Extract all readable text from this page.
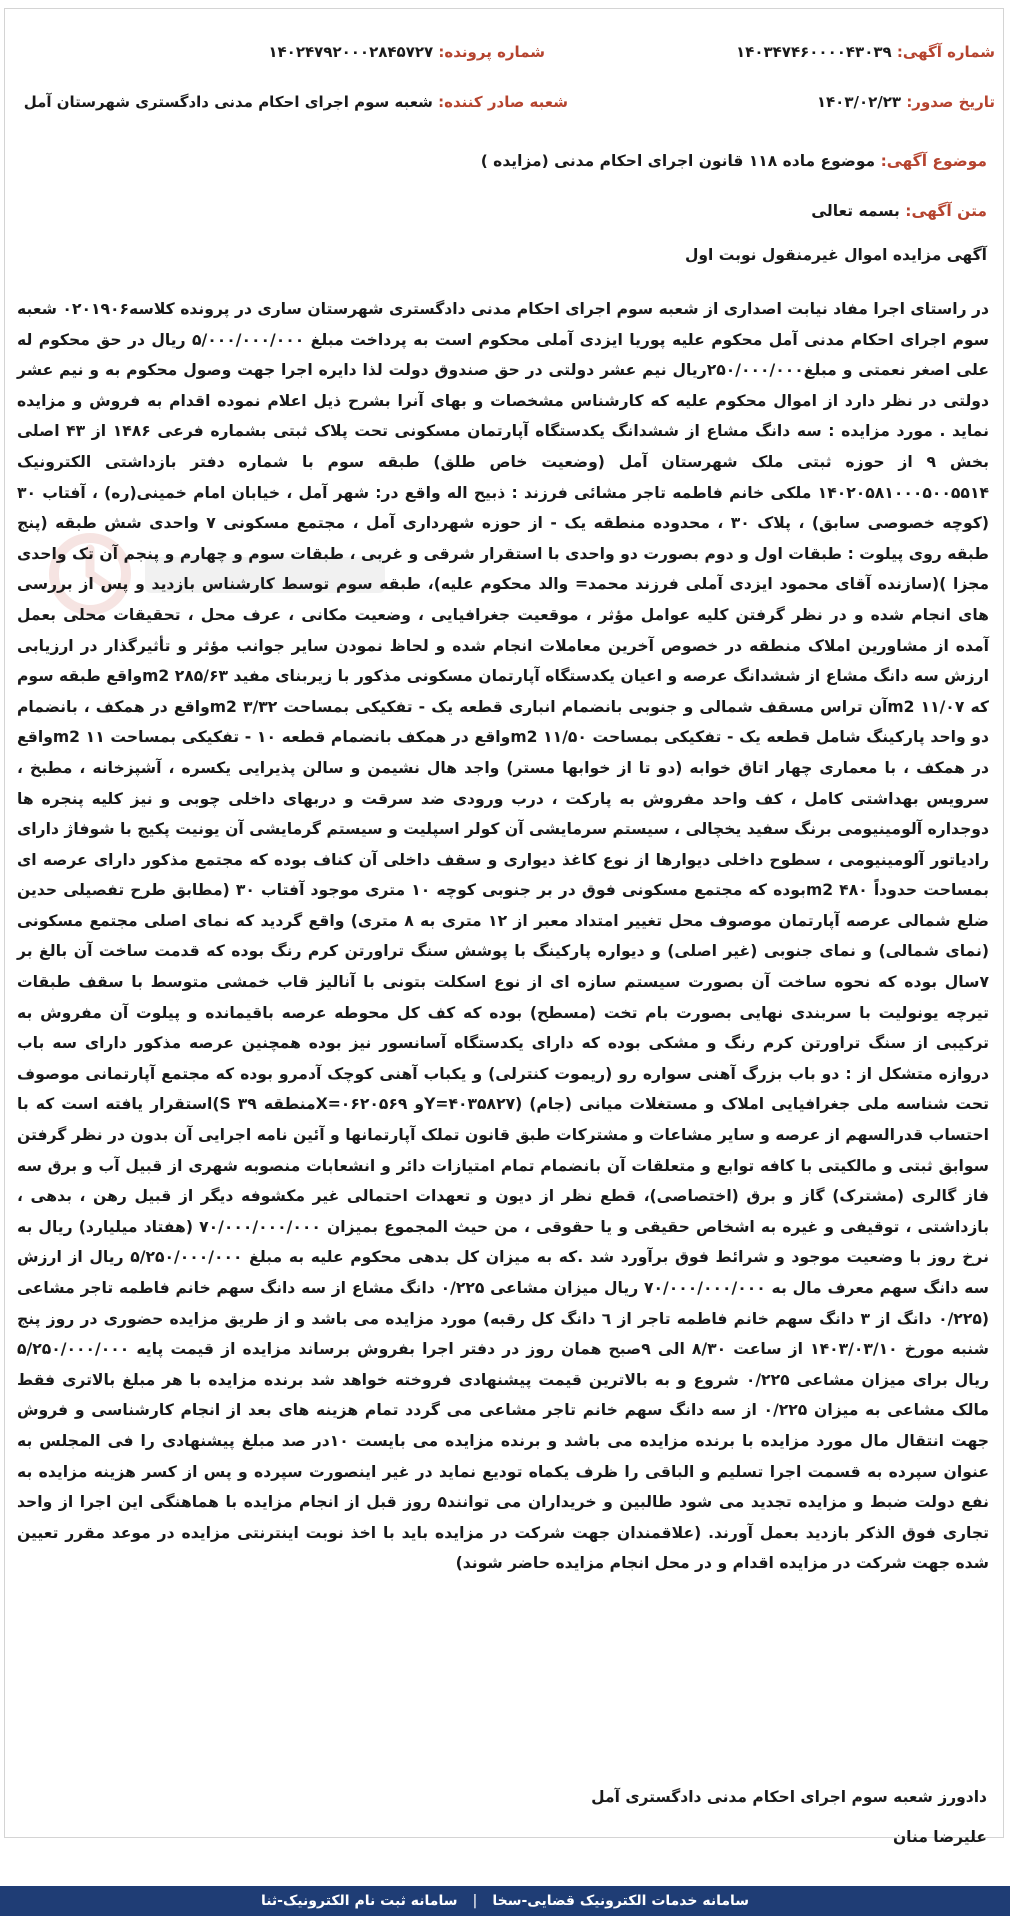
شماره آگهی: ۱۴۰۳۴۷۴۶۰۰۰۰۴۳۰۳۹
شماره پرونده: ۱۴۰۲۴۷۹۲۰۰۰۲۸۴۵۷۲۷
تاریخ صدور: ۱۴۰۳/۰۲/۲۳
شعبه صادر کننده: شعبه سوم اجرای احکام مدنی دادگستری شهرستان آمل
موضوع آگهی: موضوع ماده ۱۱۸ قانون اجرای احکام مدنی (مزایده )
متن آگهی: بسمه تعالی
آگهی مزایده اموال غیرمنقول نوبت اول
در راستای اجرا مفاد نیابت اصداری از شعبه سوم اجرای احکام مدنی دادگستری شهرستان ساری در پرونده کلاسه۰۲۰۱۹۰۶ شعبه سوم اجرای احکام مدنی آمل محکوم علیه پوریا ایزدی آملی محکوم است به پرداخت مبلغ ۵/۰۰۰/۰۰۰/۰۰۰ ریال در حق محکوم له علی اصغر نعمتی و مبلغ۲۵۰/۰۰۰/۰۰۰ریال نیم عشر دولتی در حق صندوق دولت لذا دایره اجرا جهت وصول محکوم به و نیم عشر دولتی در نظر دارد از اموال محکوم علیه که کارشناس مشخصات و بهای آنرا بشرح ذیل اعلام نموده اقدام به فروش و مزایده نماید . مورد مزایده : سه دانگ مشاع از ششدانگ یکدستگاه آپارتمان مسکونی تحت پلاک ثبتی بشماره فرعی ۱۴۸۶ از ۴۳ اصلی بخش ۹ از حوزه ثبتی ملک شهرستان آمل (وضعیت خاص طلق) طبقه سوم با شماره دفتر بازداشتی الکترونیک ۱۴۰۲۰۵۸۱۰۰۰۵۰۰۵۵۱۴ ملکی خانم فاطمه تاجر مشائی فرزند : ذبیح اله واقع در: شهر آمل ، خیابان امام خمینی(ره) ، آفتاب ۳۰ (کوچه خصوصی سابق) ، پلاک ۳۰ ، محدوده منطقه یک - از حوزه شهرداری آمل ، مجتمع مسکونی ۷ واحدی شش طبقه (پنج طبقه روی پیلوت : طبقات اول و دوم بصورت دو واحدی با استقرار شرقی و غربی ، طبقات سوم و چهارم و پنجم آن تک واحدی مجزا )(سازنده آقای محمود ایزدی آملی فرزند محمد= والد محکوم علیه)، طبقه سوم توسط کارشناس بازدید و پس از بررسی های انجام شده و در نظر گرفتن کلیه عوامل مؤثر ، موقعیت جغرافیایی ، وضعیت مکانی ، عرف محل ، تحقیقات محلی بعمل آمده از مشاورین املاک منطقه در خصوص آخرین معاملات انجام شده و لحاظ نمودن سایر جوانب مؤثر و تأثیرگذار در ارزیابی ارزش سه دانگ مشاع از ششدانگ عرصه و اعیان یکدستگاه آپارتمان مسکونی مذکور با زیربنای مفید ۲۸۵/۶۳ m2واقع طبقه سوم که ۱۱/۰۷ m2آن تراس مسقف شمالی و جنوبی بانضمام انباری قطعه یک - تفکیکی بمساحت ۳/۳۲ m2واقع در همکف ، بانضمام دو واحد پارکینگ شامل قطعه یک - تفکیکی بمساحت ۱۱/۵۰ m2واقع در همکف بانضمام قطعه ۱۰ - تفکیکی بمساحت ۱۱ m2واقع در همکف ، با معماری چهار اتاق خوابه (دو تا از خوابها مستر) واجد هال نشیمن و سالن پذیرایی یکسره ، آشپزخانه ، مطبخ ، سرویس بهداشتی کامل ، کف واحد مفروش به پارکت ، درب ورودی ضد سرقت و دربهای داخلی چوبی و نیز کلیه پنجره ها دوجداره آلومینیومی برنگ سفید یخچالی ، سیستم سرمایشی آن کولر اسپلیت و سیستم گرمایشی آن یونیت پکیج با شوفاژ دارای رادیاتور آلومینیومی ، سطوح داخلی دیوارها از نوع کاغذ دیواری و سقف داخلی آن کناف بوده که مجتمع مذکور دارای عرصه ای بمساحت حدوداً ۴۸۰ m2بوده که مجتمع مسکونی فوق در بر جنوبی کوچه ۱۰ متری موجود آفتاب ۳۰ (مطابق طرح تفصیلی حدین ضلع شمالی عرصه آپارتمان موصوف محل تغییر امتداد معبر از ۱۲ متری به ۸ متری) واقع گردید که نمای اصلی مجتمع مسکونی (نمای شمالی) و نمای جنوبی (غیر اصلی) و دیواره پارکینگ با پوشش سنگ تراورتن کرم رنگ بوده که قدمت ساخت آن بالغ بر ۷سال بوده که نحوه ساخت آن بصورت سیستم سازه ای از نوع اسکلت بتونی با آنالیز قاب خمشی متوسط با سقف طبقات تیرچه یونولیت با سربندی نهایی بصورت بام تخت (مسطح) بوده که کف کل محوطه عرصه باقیمانده و پیلوت آن مفروش به ترکیبی از سنگ تراورتن کرم رنگ و مشکی بوده که دارای یکدستگاه آسانسور نیز بوده همچنین عرصه مذکور دارای سه باب دروازه متشکل از : دو باب بزرگ آهنی سواره رو (ریموت کنترلی) و یکباب آهنی کوچک آدمرو بوده که مجتمع آپارتمانی موصوف تحت شناسه ملی جغرافیایی املاک و مستغلات میانی (جام) (Y=۴۰۳۵۸۲۷و X=۰۶۲۰۵۶۹منطقه ۳۹ S)استقرار یافته است که با احتساب قدرالسهم از عرصه و سایر مشاعات و مشترکات طبق قانون تملک آپارتمانها و آئین نامه اجرایی آن بدون در نظر گرفتن سوابق ثبتی و مالکیتی با کافه توابع و متعلقات آن بانضمام تمام امتیازات دائر و انشعابات منصوبه شهری از قبیل آب و برق سه فاز گالری (مشترک) گاز و برق (اختصاصی)، قطع نظر از دیون و تعهدات احتمالی غیر مکشوفه دیگر از قبیل رهن ، بدهی ، بازداشتی ، توقیفی و غیره به اشخاص حقیقی و یا حقوقی ، من حیث المجموع بمیزان ۷۰/۰۰۰/۰۰۰/۰۰۰ (هفتاد میلیارد) ریال به نرخ روز با وضعیت موجود و شرائط فوق برآورد شد .که به میزان کل بدهی محکوم علیه به مبلغ ۵/۲۵۰/۰۰۰/۰۰۰ ریال از ارزش سه دانگ سهم معرف مال به ۷۰/۰۰۰/۰۰۰/۰۰۰ ریال میزان مشاعی ۰/۲۲۵ دانگ مشاع از سه دانگ سهم خانم فاطمه تاجر مشاعی (۰/۲۲۵ دانگ از ۳ دانگ سهم خانم فاطمه تاجر از ٦ دانگ کل رقبه) مورد مزایده می باشد و از طریق مزایده حضوری در روز پنج شنبه مورخ ۱۴۰۳/۰۳/۱۰ از ساعت ۸/۳۰ الی ۹صبح همان روز در دفتر اجرا بفروش برساند مزایده از قیمت پایه ۵/۲۵۰/۰۰۰/۰۰۰ ریال برای میزان مشاعی ۰/۲۲۵ شروع و به بالاترین قیمت پیشنهادی فروخته خواهد شد برنده مزایده با هر مبلغ بالاتری فقط مالک مشاعی به میزان ۰/۲۲۵ از سه دانگ سهم خانم تاجر مشاعی می گردد تمام هزینه های بعد از انجام کارشناسی و فروش جهت انتقال مال مورد مزایده با برنده مزایده می باشد و برنده مزایده می بایست ۱۰در صد مبلغ پیشنهادی را فی المجلس به عنوان سپرده به قسمت اجرا تسلیم و الباقی را ظرف یکماه تودیع نماید در غیر اینصورت سپرده و پس از کسر هزینه مزایده به نفع دولت ضبط و مزایده تجدید می شود طالبین و خریداران می توانند۵ روز قبل از انجام مزایده با هماهنگی این اجرا از واحد تجاری فوق الذکر بازدید بعمل آورند. (علاقمندان جهت شرکت در مزایده باید با اخذ نوبت اینترنتی مزایده در موعد مقرر تعیین شده جهت شرکت در مزایده اقدام و در محل انجام مزایده حاضر شوند)
دادورز شعبه سوم اجرای احکام مدنی دادگستری آمل
علیرضا منان
سامانه خدمات الکترونیک قضایی-سخا | سامانه ثبت نام الکترونیک-ثنا
